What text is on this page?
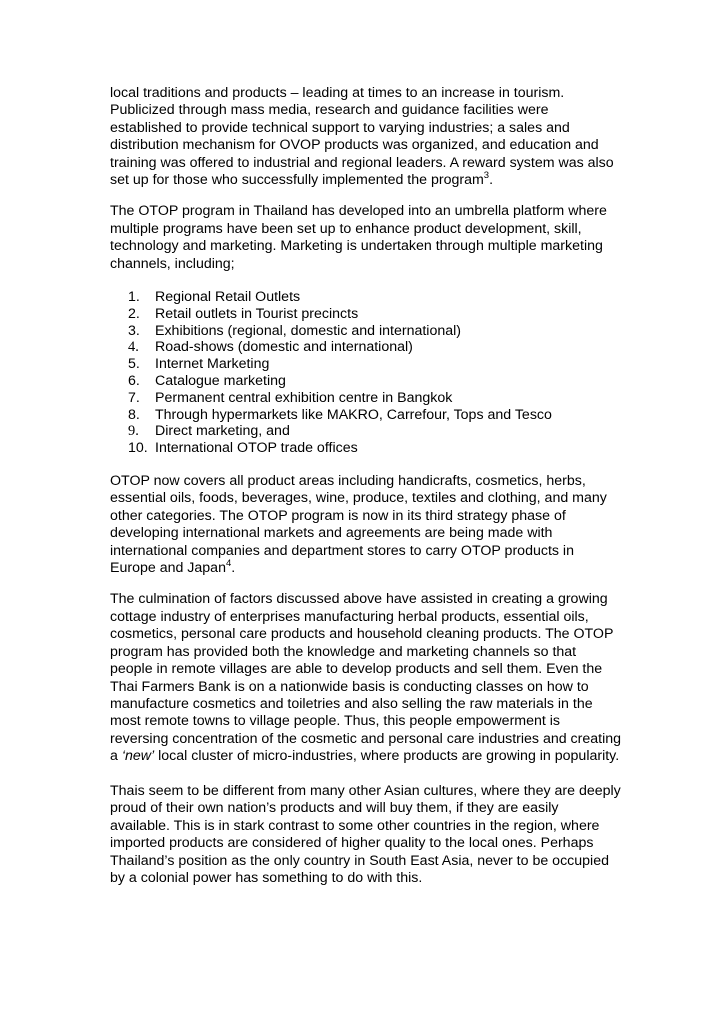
local traditions and products – leading at times to an increase in tourism. Publicized through mass media, research and guidance facilities were established to provide technical support to varying industries; a sales and distribution mechanism for OVOP products was organized, and education and training was offered to industrial and regional leaders. A reward system was also set up for those who successfully implemented the program$^3$.

The OTOP program in Thailand has developed into an umbrella platform where multiple programs have been set up to enhance product development, skill, technology and marketing. Marketing is undertaken through multiple marketing channels, including;

1.	Regional Retail Outlets
2.	Retail outlets in Tourist precincts
3.	Exhibitions (regional, domestic and international)
4.	Road-shows (domestic and international)
5.	Internet Marketing
6.	Catalogue marketing
7.	Permanent central exhibition centre in Bangkok
8.	Through hypermarkets like MAKRO, Carrefour, Tops and Tesco
9.	Direct marketing, and
10. International OTOP trade offices

OTOP now covers all product areas including handicrafts, cosmetics, herbs, essential oils, foods, beverages, wine, produce, textiles and clothing, and many other categories. The OTOP program is now in its third strategy phase of developing international markets and agreements are being made with international companies and department stores to carry OTOP products in Europe and Japan$^4$.

The culmination of factors discussed above have assisted in creating a growing cottage industry of enterprises manufacturing herbal products, essential oils, cosmetics, personal care products and household cleaning products. The OTOP program has provided both the knowledge and marketing channels so that people in remote villages are able to develop products and sell them. Even the Thai Farmers Bank is on a nationwide basis is conducting classes on how to manufacture cosmetics and toiletries and also selling the raw materials in the most remote towns to village people. Thus, this people empowerment is reversing concentration of the cosmetic and personal care industries and creating a ‘new’ local cluster of micro-industries, where products are growing in popularity.

Thais seem to be different from many other Asian cultures, where they are deeply proud of their own nation’s products and will buy them, if they are easily available. This is in stark contrast to some other countries in the region, where imported products are considered of higher quality to the local ones. Perhaps Thailand’s position as the only country in South East Asia, never to be occupied by a colonial power has something to do with this.
